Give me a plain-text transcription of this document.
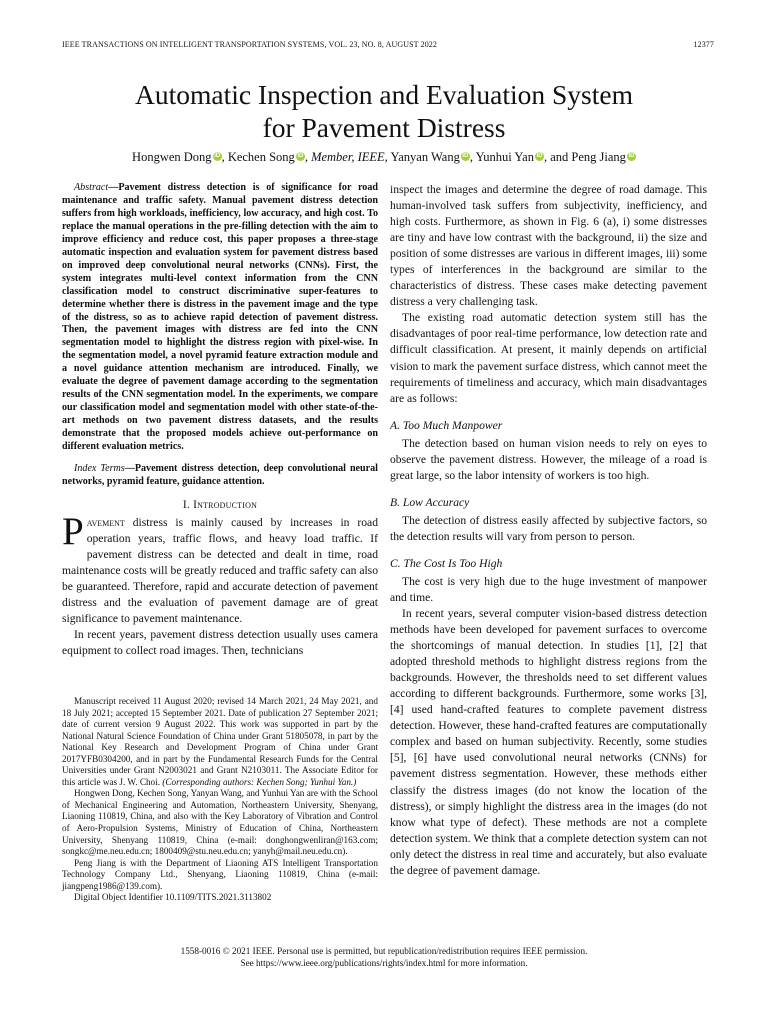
IEEE TRANSACTIONS ON INTELLIGENT TRANSPORTATION SYSTEMS, VOL. 23, NO. 8, AUGUST 2022	12377
Automatic Inspection and Evaluation System
for Pavement Distress
Hongwen Dong iD , Kechen Song iD , Member, IEEE, Yanyan Wang iD , Yunhui Yan iD , and Peng Jiang iD

Abstract—Pavement distress detection is of significance for road maintenance and traffic safety. Manual pavement distress detection suffers from high workloads, inefficiency, low accuracy, and high cost. To replace the manual operations in the pre-filling detection with the aim to improve efficiency and reduce cost, this paper proposes a three-stage automatic inspection and evaluation system for pavement distress based on improved deep convolutional neural networks (CNNs). First, the system integrates multi-level context information from the CNN classification model to construct discriminative super-features to determine whether there is distress in the pavement image and the type of the distress, so as to achieve rapid detection of pavement distress. Then, the pavement images with distress are fed into the CNN segmentation model to highlight the distress region with pixel-wise. In the segmentation model, a novel pyramid feature extraction module and a novel guidance attention mechanism are introduced. Finally, we evaluate the degree of pavement damage according to the segmentation results of the CNN segmentation model. In the experiments, we compare our classification model and segmentation model with other state-of-the-art methods on two pavement distress datasets, and the results demonstrate that the proposed models achieve out-performance on different evaluation metrics.

Index Terms—Pavement distress detection, deep convolutional neural networks, pyramid feature, guidance attention.

I. Introduction

Pavement distress is mainly caused by increases in road operation years, traffic flows, and heavy load traffic. If pavement distress can be detected and dealt in time, road maintenance costs will be greatly reduced and traffic safety can also be guaranteed. Therefore, rapid and accurate detection of pavement distress and the evaluation of pavement damage are of great significance to pavement maintenance.

In recent years, pavement distress detection usually uses camera equipment to collect road images. Then, technicians

Manuscript received 11 August 2020; revised 14 March 2021, 24 May 2021, and 18 July 2021; accepted 15 September 2021. Date of publication 27 September 2021; date of current version 9 August 2022. This work was supported in part by the National Natural Science Foundation of China under Grant 51805078, in part by the National Key Research and Development Program of China under Grant 2017YFB0304200, and in part by the Fundamental Research Funds for the Central Universities under Grant N2003021 and Grant N2103011. The Associate Editor for this article was J. W. Choi. (Corresponding authors: Kechen Song; Yunhui Yan.)

Hongwen Dong, Kechen Song, Yanyan Wang, and Yunhui Yan are with the School of Mechanical Engineering and Automation, Northeastern University, Shenyang, Liaoning 110819, China, and also with the Key Laboratory of Vibration and Control of Aero-Propulsion Systems, Ministry of Education of China, Northeastern University, Shenyang 110819, China (e-mail: donghongwenliran@163.com; songkc@me.neu.edu.cn; 1800409@stu.neu.edu.cn; yanyh@mail.neu.edu.cn).

Peng Jiang is with the Department of Liaoning ATS Intelligent Transportation Technology Company Ltd., Shenyang, Liaoning 110819, China (e-mail: jiangpeng1986@139.com).

Digital Object Identifier 10.1109/TITS.2021.3113802

inspect the images and determine the degree of road damage. This human-involved task suffers from subjectivity, inefficiency, and high costs. Furthermore, as shown in Fig. 6 (a), i) some distresses are tiny and have low contrast with the background, ii) the size and position of some distresses are various in different images, iii) some types of interferences in the background are similar to the characteristics of distress. These cases make detecting pavement distress a very challenging task.

The existing road automatic detection system still has the disadvantages of poor real-time performance, low detection rate and difficult classification. At present, it mainly depends on artificial vision to mark the pavement surface distress, which cannot meet the requirements of timeliness and accuracy, which main disadvantages are as follows:

A. Too Much Manpower

The detection based on human vision needs to rely on eyes to observe the pavement distress. However, the mileage of a road is great large, so the labor intensity of workers is too high.

B. Low Accuracy

The detection of distress easily affected by subjective factors, so the detection results will vary from person to person.

C. The Cost Is Too High

The cost is very high due to the huge investment of manpower and time.

In recent years, several computer vision-based distress detection methods have been developed for pavement surfaces to overcome the shortcomings of manual detection. In studies [1], [2] that adopted threshold methods to highlight distress regions from the backgrounds. However, the thresholds need to set different values according to different backgrounds. Furthermore, some works [3], [4] used hand-crafted features to complete pavement distress detection. However, these hand-crafted features are computationally complex and based on human subjectivity. Recently, some studies [5], [6] have used convolutional neural networks (CNNs) for pavement distress segmentation. However, these methods either classify the distress images (do not know the location of the distress), or simply highlight the distress area in the images (do not know what type of defect). These methods are not a complete detection system. We think that a complete detection system can not only detect the distress in real time and accurately, but also evaluate the degree of pavement damage.

1558-0016 © 2021 IEEE. Personal use is permitted, but republication/redistribution requires IEEE permission.
See https://www.ieee.org/publications/rights/index.html for more information.
